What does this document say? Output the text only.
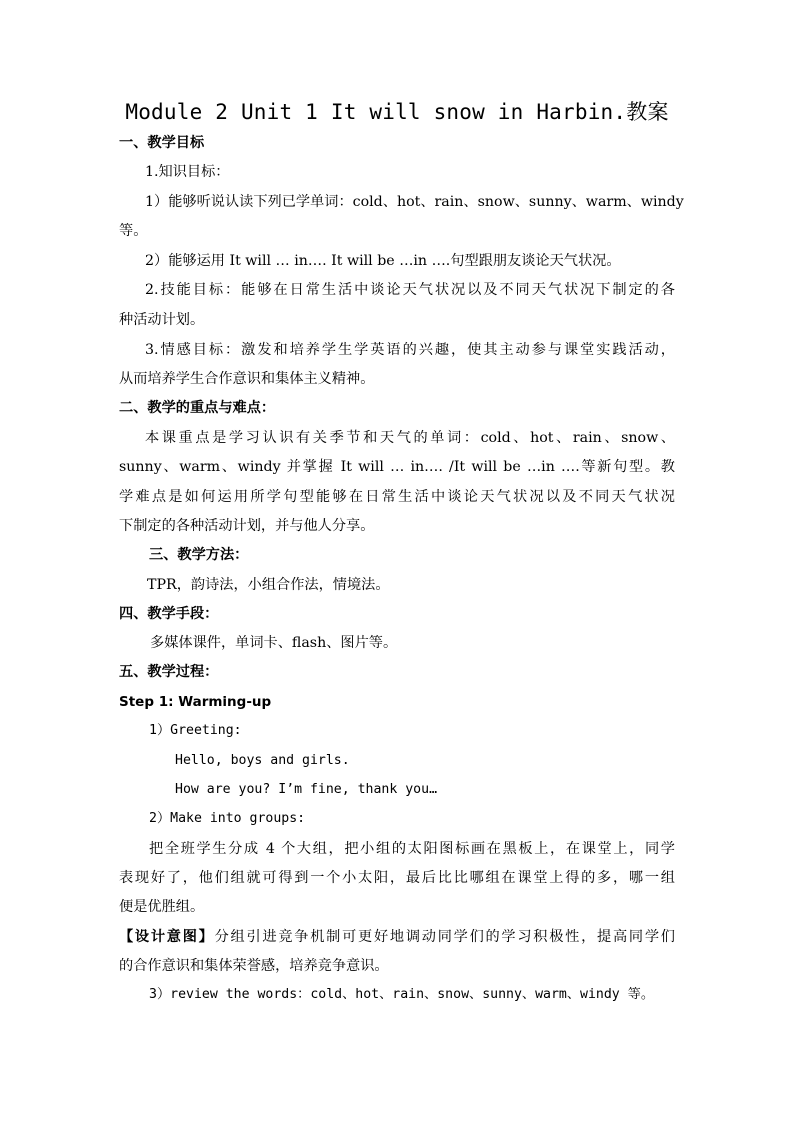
Module 2 Unit 1 It will snow in Harbin.教案
一、教学目标
1.知识目标：
1）能够听说认读下列已学单词：cold、hot、rain、snow、sunny、warm、windy
等。
2）能够运用 It will … in…. It will be …in ….句型跟朋友谈论天气状况。
2.技能目标：能够在日常生活中谈论天气状况以及不同天气状况下制定的各
种活动计划。
3.情感目标：激发和培养学生学英语的兴趣，使其主动参与课堂实践活动，
从而培养学生合作意识和集体主义精神。
二、教学的重点与难点：
本课重点是学习认识有关季节和天气的单词：cold、hot、rain、snow、
sunny、warm、windy 并掌握 It will … in…. /It will be …in ….等新句型。教
学难点是如何运用所学句型能够在日常生活中谈论天气状况以及不同天气状况
下制定的各种活动计划，并与他人分享。
三、教学方法：
TPR，韵诗法，小组合作法，情境法。
四、教学手段：
多媒体课件，单词卡、flash、图片等。
五、教学过程：
Step 1: Warming-up
1）Greeting:
Hello, boys and girls.
How are you? I’m fine, thank you…
2）Make into groups:
把全班学生分成 4 个大组，把小组的太阳图标画在黑板上，在课堂上，同学
表现好了，他们组就可得到一个小太阳，最后比比哪组在课堂上得的多，哪一组
便是优胜组。
【设计意图】分组引进竞争机制可更好地调动同学们的学习积极性，提高同学们
的合作意识和集体荣誉感，培养竞争意识。
3）review the words：cold、hot、rain、snow、sunny、warm、windy 等。
